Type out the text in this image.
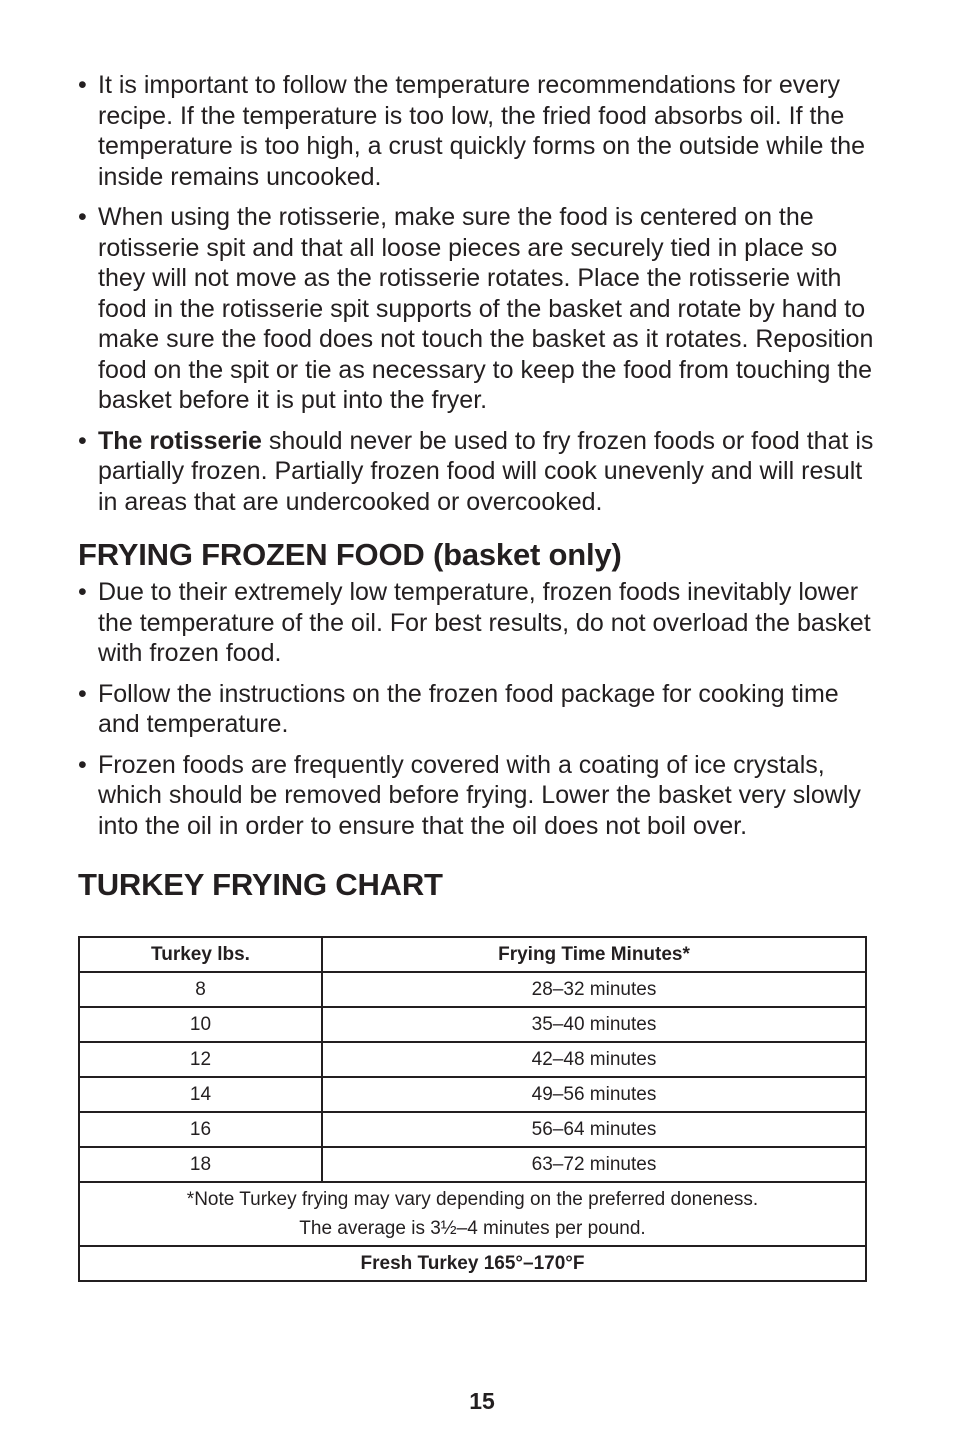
• It is important to follow the temperature recommendations for every recipe. If the temperature is too low, the fried food absorbs oil. If the temperature is too high, a crust quickly forms on the outside while the inside remains uncooked.
• When using the rotisserie, make sure the food is centered on the rotisserie spit and that all loose pieces are securely tied in place so they will not move as the rotisserie rotates. Place the rotisserie with food in the rotisserie spit supports of the basket and rotate by hand to make sure the food does not touch the basket as it rotates. Reposition food on the spit or tie as necessary to keep the food from touching the basket before it is put into the fryer.
• The rotisserie should never be used to fry frozen foods or food that is partially frozen. Partially frozen food will cook unevenly and will result in areas that are undercooked or overcooked.
FRYING FROZEN FOOD (basket only)
• Due to their extremely low temperature, frozen foods inevitably lower the temperature of the oil. For best results, do not overload the basket with frozen food.
• Follow the instructions on the frozen food package for cooking time and temperature.
• Frozen foods are frequently covered with a coating of ice crystals, which should be removed before frying. Lower the basket very slowly into the oil in order to ensure that the oil does not boil over.
TURKEY FRYING CHART
Turkey lbs.	Frying Time Minutes*
8	28–32 minutes
10	35–40 minutes
12	42–48 minutes
14	49–56 minutes
16	56–64 minutes
18	63–72 minutes

*Note Turkey frying may vary depending on the preferred doneness.
The average is 3½–4 minutes per pound.	

Fresh Turkey 165°–170°F	
15
